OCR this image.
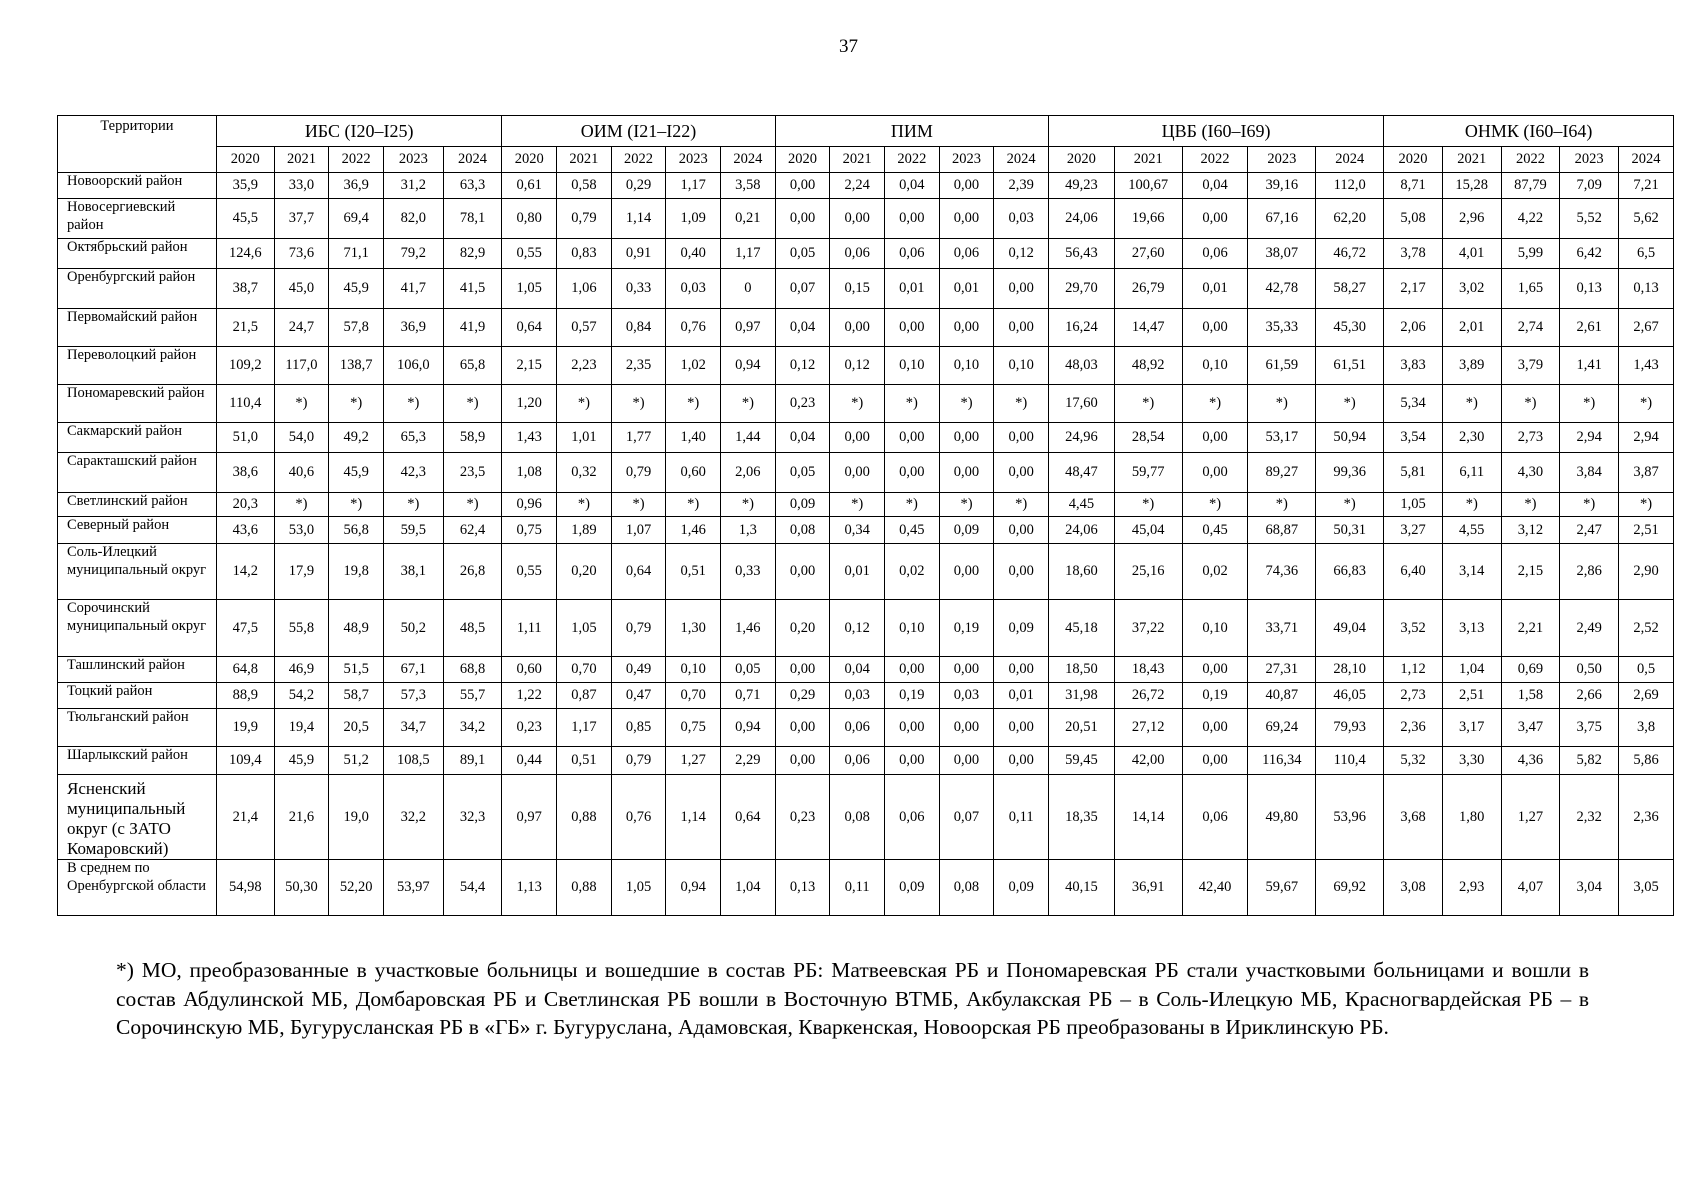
37
Территории	ИБС (I20–I25)					ОИМ (I21–I22)					ПИМ					ЦВБ (I60–I69)					ОНМК (I60–I64)				
	2020	2021	2022	2023	2024	2020	2021	2022	2023	2024	2020	2021	2022	2023	2024	2020	2021	2022	2023	2024	2020	2021	2022	2023	2024
Новоорский район	35,9	33,0	36,9	31,2	63,3	0,61	0,58	0,29	1,17	3,58	0,00	2,24	0,04	0,00	2,39	49,23	100,67	0,04	39,16	112,0	8,71	15,28	87,79	7,09	7,21
Новосергиевский район	45,5	37,7	69,4	82,0	78,1	0,80	0,79	1,14	1,09	0,21	0,00	0,00	0,00	0,00	0,03	24,06	19,66	0,00	67,16	62,20	5,08	2,96	4,22	5,52	5,62
Октябрьский район	124,6	73,6	71,1	79,2	82,9	0,55	0,83	0,91	0,40	1,17	0,05	0,06	0,06	0,06	0,12	56,43	27,60	0,06	38,07	46,72	3,78	4,01	5,99	6,42	6,5
Оренбургский район	38,7	45,0	45,9	41,7	41,5	1,05	1,06	0,33	0,03	0	0,07	0,15	0,01	0,01	0,00	29,70	26,79	0,01	42,78	58,27	2,17	3,02	1,65	0,13	0,13
Первомайский район	21,5	24,7	57,8	36,9	41,9	0,64	0,57	0,84	0,76	0,97	0,04	0,00	0,00	0,00	0,00	16,24	14,47	0,00	35,33	45,30	2,06	2,01	2,74	2,61	2,67
Переволоцкий район	109,2	117,0	138,7	106,0	65,8	2,15	2,23	2,35	1,02	0,94	0,12	0,12	0,10	0,10	0,10	48,03	48,92	0,10	61,59	61,51	3,83	3,89	3,79	1,41	1,43
Пономаревский район	110,4	*)	*)	*)	*)	1,20	*)	*)	*)	*)	0,23	*)	*)	*)	*)	17,60	*)	*)	*)	*)	5,34	*)	*)	*)	*)
Сакмарский район	51,0	54,0	49,2	65,3	58,9	1,43	1,01	1,77	1,40	1,44	0,04	0,00	0,00	0,00	0,00	24,96	28,54	0,00	53,17	50,94	3,54	2,30	2,73	2,94	2,94
Саракташский район	38,6	40,6	45,9	42,3	23,5	1,08	0,32	0,79	0,60	2,06	0,05	0,00	0,00	0,00	0,00	48,47	59,77	0,00	89,27	99,36	5,81	6,11	4,30	3,84	3,87
Светлинский район	20,3	*)	*)	*)	*)	0,96	*)	*)	*)	*)	0,09	*)	*)	*)	*)	4,45	*)	*)	*)	*)	1,05	*)	*)	*)	*)
Северный район	43,6	53,0	56,8	59,5	62,4	0,75	1,89	1,07	1,46	1,3	0,08	0,34	0,45	0,09	0,00	24,06	45,04	0,45	68,87	50,31	3,27	4,55	3,12	2,47	2,51
Соль-Илецкий муниципальный округ	14,2	17,9	19,8	38,1	26,8	0,55	0,20	0,64	0,51	0,33	0,00	0,01	0,02	0,00	0,00	18,60	25,16	0,02	74,36	66,83	6,40	3,14	2,15	2,86	2,90
Сорочинский муниципальный округ	47,5	55,8	48,9	50,2	48,5	1,11	1,05	0,79	1,30	1,46	0,20	0,12	0,10	0,19	0,09	45,18	37,22	0,10	33,71	49,04	3,52	3,13	2,21	2,49	2,52
Ташлинский район	64,8	46,9	51,5	67,1	68,8	0,60	0,70	0,49	0,10	0,05	0,00	0,04	0,00	0,00	0,00	18,50	18,43	0,00	27,31	28,10	1,12	1,04	0,69	0,50	0,5
Тоцкий район	88,9	54,2	58,7	57,3	55,7	1,22	0,87	0,47	0,70	0,71	0,29	0,03	0,19	0,03	0,01	31,98	26,72	0,19	40,87	46,05	2,73	2,51	1,58	2,66	2,69
Тюльганский район	19,9	19,4	20,5	34,7	34,2	0,23	1,17	0,85	0,75	0,94	0,00	0,06	0,00	0,00	0,00	20,51	27,12	0,00	69,24	79,93	2,36	3,17	3,47	3,75	3,8
Шарлыкский район	109,4	45,9	51,2	108,5	89,1	0,44	0,51	0,79	1,27	2,29	0,00	0,06	0,00	0,00	0,00	59,45	42,00	0,00	116,34	110,4	5,32	3,30	4,36	5,82	5,86
Ясненский муниципальный округ (с ЗАТО Комаровский)	21,4	21,6	19,0	32,2	32,3	0,97	0,88	0,76	1,14	0,64	0,23	0,08	0,06	0,07	0,11	18,35	14,14	0,06	49,80	53,96	3,68	1,80	1,27	2,32	2,36
В среднем по Оренбургской области	54,98	50,30	52,20	53,97	54,4	1,13	0,88	1,05	0,94	1,04	0,13	0,11	0,09	0,08	0,09	40,15	36,91	42,40	59,67	69,92	3,08	2,93	4,07	3,04	3,05
*) МО, преобразованные в участковые больницы и вошедшие в состав РБ: Матвеевская РБ и Пономаревская РБ стали участковыми больницами и вошли в состав Абдулинской МБ, Домбаровская РБ и Светлинская РБ вошли в Восточную ВТМБ, Акбулакская РБ – в Соль-Илецкую МБ, Красногвардейская РБ – в Сорочинскую МБ, Бугурусланская РБ в «ГБ» г. Бугуруслана, Адамовская, Кваркенская, Новоорская РБ преобразованы в Ириклинскую РБ.
